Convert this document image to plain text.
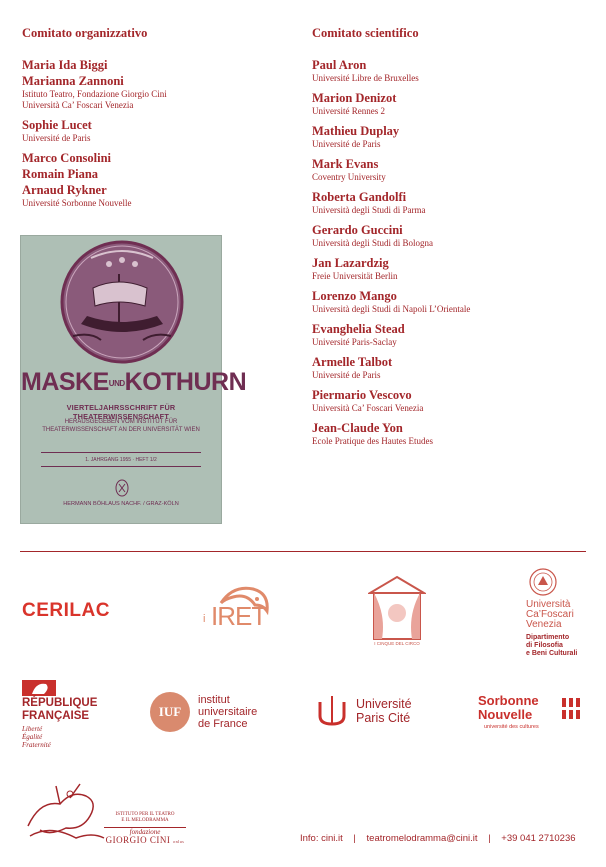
Comitato organizzativo
Maria Ida Biggi
Marianna Zannoni
Istituto Teatro, Fondazione Giorgio Cini
Università Ca’ Foscari Venezia
Sophie Lucet
Université de Paris
Marco Consolini
Romain Piana
Arnaud Rykner
Université Sorbonne Nouvelle
Comitato scientifico
Paul Aron
Université Libre de Bruxelles
Marion Denizot
Université Rennes 2
Mathieu Duplay
Université de Paris
Mark Evans
Coventry University
Roberta Gandolfi
Università degli Studi di Parma
Gerardo Guccini
Università degli Studi di Bologna
Jan Lazardzig
Freie Universität Berlin
Lorenzo Mango
Università degli Studi di Napoli L’Orientale
Evanghelia Stead
Université Paris-Saclay
Armelle Talbot
Université de Paris
Piermario Vescovo
Università Ca’ Foscari Venezia
Jean-Claude Yon
Ecole Pratique des Hautes Etudes
MASKEUNDKOTHURN
VIERTELJAHRSSCHRIFT FÜR THEATERWISSENSCHAFT
HERAUSGEGEBEN VOM INSTITUT FÜR
THEATERWISSENSCHAFT AN DER UNIVERSITÄT WIEN
1. JAHRGANG 1955 · HEFT 1/2
HERMANN BÖHLAUS NACHF. / GRAZ-KÖLN
CERILAC	i IRET
I CINQUE DEL CIRCO
Università
Ca’Foscari
Venezia
Dipartimento
di Filosofia
e Beni Culturali
RÉPUBLIQUE
FRANÇAISE
Liberté
Égalité
Fraternité
IUF
institut
universitaire
de France
Université
Paris Cité
Sorbonne
Nouvelle
université des cultures
ISTITUTO PER IL TEATRO
E IL MELODRAMMA
fondazione
GIORGIO CINI onlus	Info: cini.it | teatromelodramma@cini.it | +39 041 2710236
